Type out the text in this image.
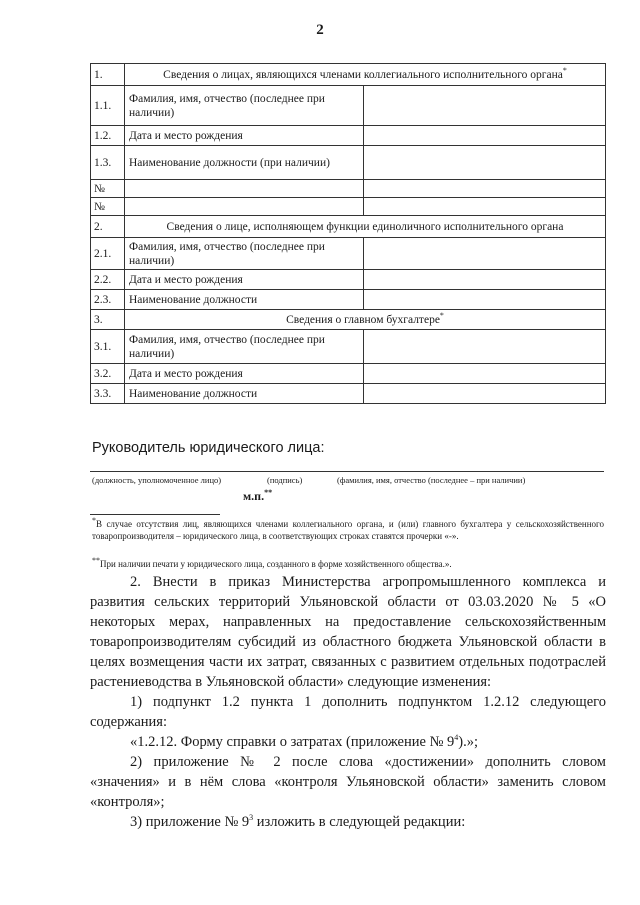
2
1.	Сведения о лицах, являющихся членами коллегиального исполнительного органа*
1.1.	Фамилия, имя, отчество (последнее при наличии)	
1.2.	Дата и место рождения	
1.3.	Наименование должности (при наличии)	
№		
№		
2.	Сведения о лице, исполняющем функции единоличного исполнительного органа	
2.1.	Фамилия, имя, отчество (последнее при наличии)	
2.2.	Дата и место рождения	
2.3.	Наименование должности	
3.	Сведения о главном бухгалтере*
3.1.	Фамилия, имя, отчество (последнее при наличии)	
3.2.	Дата и место рождения	
3.3.	Наименование должности	
Руководитель юридического лица:
(должность, уполномоченное лицо)	(подпись)	(фамилия, имя, отчество (последнее – при наличии)
м.п.**
*В случае отсутствия лиц, являющихся членами коллегиального органа, и (или) главного бухгалтера у сельскохозяйственного товаропроизводителя – юридического лица, в соответствующих строках ставятся прочерки «-».
**При наличии печати у юридического лица, созданного в форме хозяйственного общества.».

2. Внести в приказ Министерства агропромышленного комплекса и развития сельских территорий Ульяновской области от 03.03.2020 № 5 «О некоторых мерах, направленных на предоставление сельскохозяйственным товаропроизводителям субсидий из областного бюджета Ульяновской области в целях возмещения части их затрат, связанных с развитием отдельных подотраслей растениеводства в Ульяновской области» следующие изменения:

1) подпункт 1.2 пункта 1 дополнить подпунктом 1.2.12 следующего содержания:

«1.2.12. Форму справки о затратах (приложение № $9^4$).»;

2) приложение № 2 после слова «достижении» дополнить словом «значения» и в нём слова «контроля Ульяновской области» заменить словом «контроля»;

3) приложение № $9^3$ изложить в следующей редакции:
